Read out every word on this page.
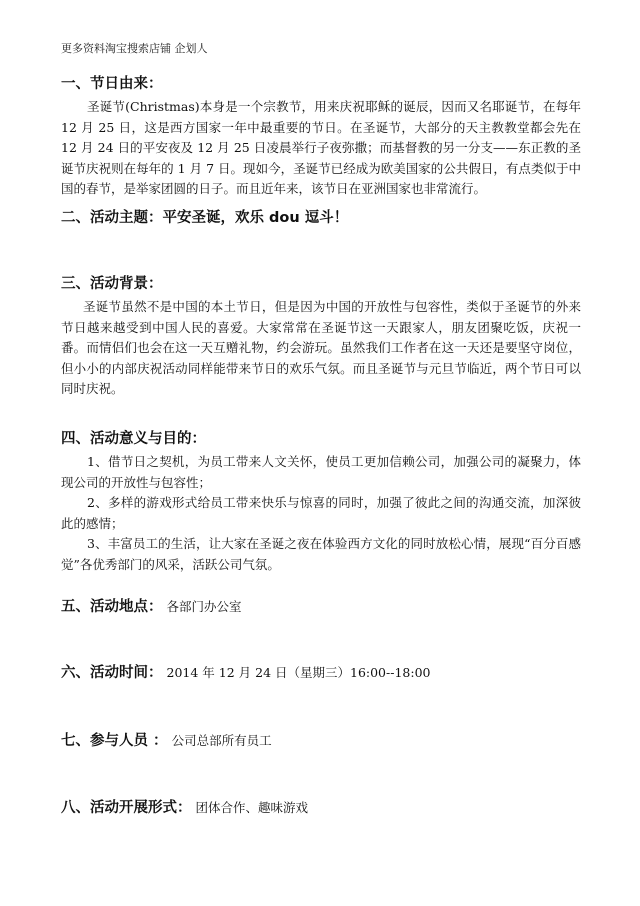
更多资料淘宝搜索店铺 企划人
一、节日由来：

圣诞节(Christmas)本身是一个宗教节，用来庆祝耶稣的诞辰，因而又名耶诞节，在每年12 月 25 日，这是西方国家一年中最重要的节日。在圣诞节，大部分的天主教教堂都会先在 12 月 24 日的平安夜及 12 月 25 日凌晨举行子夜弥撒；而基督教的另一分支——东正教的圣诞节庆祝则在每年的 1 月 7 日。现如今，圣诞节已经成为欧美国家的公共假日，有点类似于中国的春节，是举家团圆的日子。而且近年来，该节日在亚洲国家也非常流行。

二、活动主题：平安圣诞，欢乐 dou 逗斗！
三、活动背景：

圣诞节虽然不是中国的本土节日，但是因为中国的开放性与包容性，类似于圣诞节的外来节日越来越受到中国人民的喜爱。大家常常在圣诞节这一天跟家人，朋友团聚吃饭，庆祝一番。而情侣们也会在这一天互赠礼物，约会游玩。虽然我们工作者在这一天还是要坚守岗位，但小小的内部庆祝活动同样能带来节日的欢乐气氛。而且圣诞节与元旦节临近，两个节日可以同时庆祝。

四、活动意义与目的：

1、借节日之契机，为员工带来人文关怀，使员工更加信赖公司，加强公司的凝聚力，体现公司的开放性与包容性；

2、多样的游戏形式给员工带来快乐与惊喜的同时，加强了彼此之间的沟通交流，加深彼此的感情；

3、丰富员工的生活，让大家在圣诞之夜在体验西方文化的同时放松心情，展现“百分百感觉”各优秀部门的风采，活跃公司气氛。

五、活动地点： 各部门办公室
六、活动时间： 2014 年 12 月 24 日（星期三）16:00--18:00
七、参与人员 ： 公司总部所有员工
八、活动开展形式： 团体合作、趣味游戏
